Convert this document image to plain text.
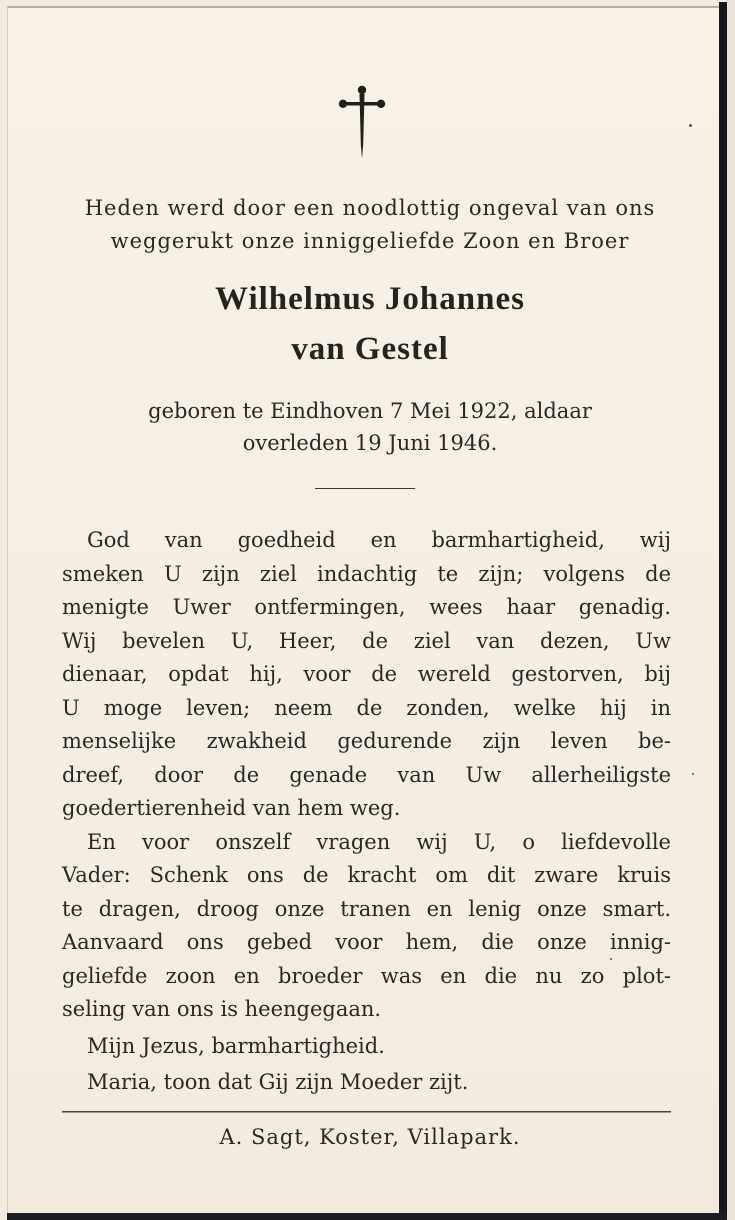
Heden werd door een noodlottig ongeval van ons

weggerukt onze inniggeliefde Zoon en Broer

Wilhelmus Johannes
van Gestel

geboren te Eindhoven 7 Mei 1922, aldaar

overleden 19 Juni 1946.

God van goedheid en barmhartigheid, wij
smeken U zijn ziel indachtig te zijn; volgens de
menigte Uwer ontfermingen, wees haar genadig.
Wij bevelen U, Heer, de ziel van dezen, Uw
dienaar, opdat hij, voor de wereld gestorven, bij
U moge leven; neem de zonden, welke hij in
menselijke zwakheid gedurende zijn leven be-
dreef, door de genade van Uw allerheiligste
goedertierenheid van hem weg.
En voor onszelf vragen wij U, o liefdevolle
Vader: Schenk ons de kracht om dit zware kruis
te dragen, droog onze tranen en lenig onze smart.
Aanvaard ons gebed voor hem, die onze innig-
geliefde zoon en broeder was en die nu zo plot-
seling van ons is heengegaan.
Mijn Jezus, barmhartigheid.
Maria, toon dat Gij zijn Moeder zijt.

A. Sagt, Koster, Villapark.
